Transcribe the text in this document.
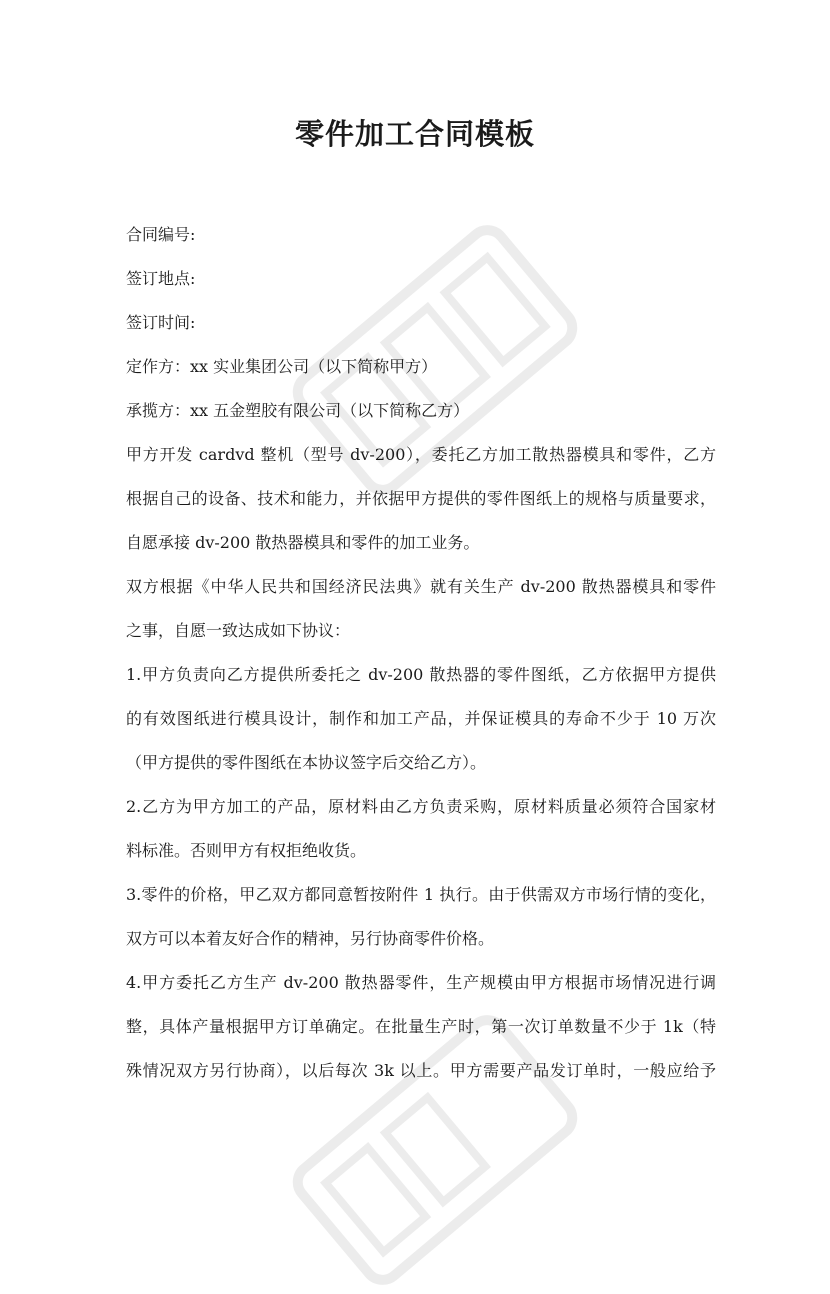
零件加工合同模板
合同编号:
签订地点:
签订时间:
定作方：xx 实业集团公司（以下简称甲方）
承揽方：xx 五金塑胶有限公司（以下简称乙方）
甲方开发 cardvd 整机（型号 dv-200），委托乙方加工散热器模具和零件，乙方
根据自己的设备、技术和能力，并依据甲方提供的零件图纸上的规格与质量要求，
自愿承接 dv-200 散热器模具和零件的加工业务。
双方根据《中华人民共和国经济民法典》就有关生产 dv-200 散热器模具和零件
之事，自愿一致达成如下协议：
1.甲方负责向乙方提供所委托之 dv-200 散热器的零件图纸，乙方依据甲方提供
的有效图纸进行模具设计，制作和加工产品，并保证模具的寿命不少于 10 万次
（甲方提供的零件图纸在本协议签字后交给乙方）。
2.乙方为甲方加工的产品，原材料由乙方负责采购，原材料质量必须符合国家材
料标准。否则甲方有权拒绝收货。
3.零件的价格，甲乙双方都同意暂按附件 1 执行。由于供需双方市场行情的变化，
双方可以本着友好合作的精神，另行协商零件价格。
4.甲方委托乙方生产 dv-200 散热器零件，生产规模由甲方根据市场情况进行调
整，具体产量根据甲方订单确定。在批量生产时，第一次订单数量不少于 1k（特
殊情况双方另行协商），以后每次 3k 以上。甲方需要产品发订单时，一般应给予
